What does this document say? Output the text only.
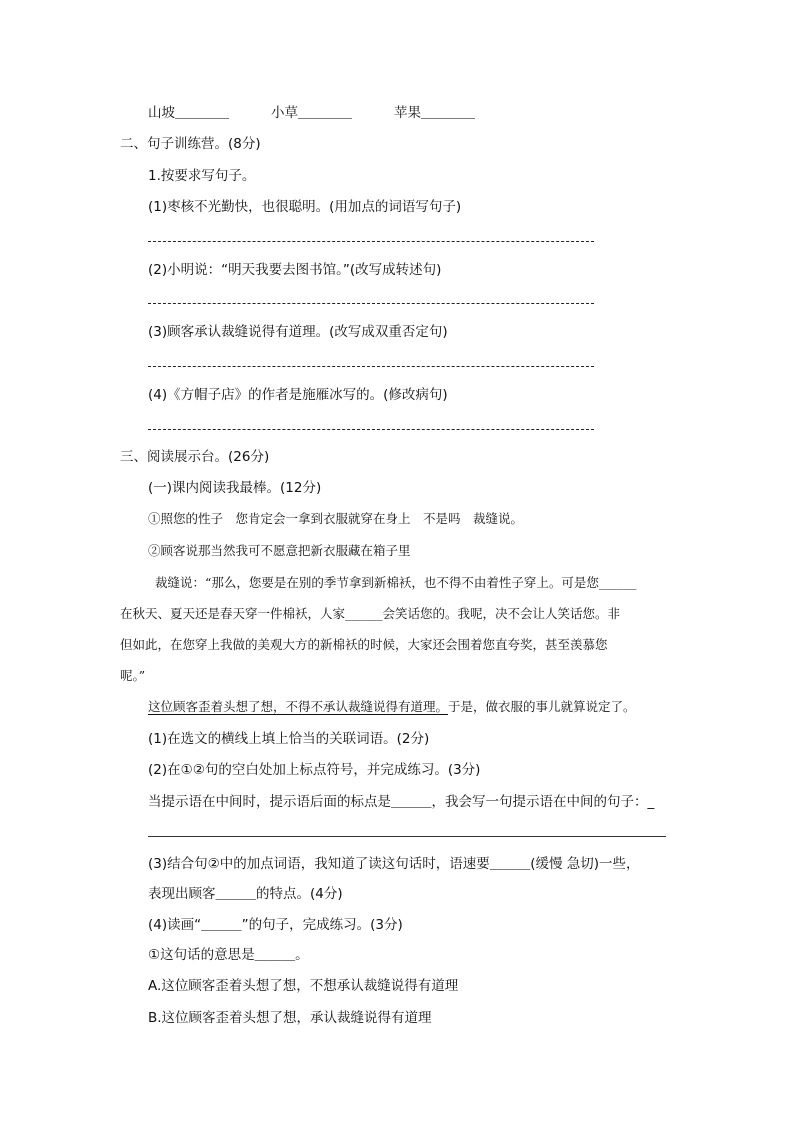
山坡＿＿＿＿	小草＿＿＿＿	苹果＿＿＿＿
二、句子训练营。(8分)
1.按要求写句子。
(1)枣核不光勤快，也很聪明。(用加点的词语写句子)
(2)小明说：“明天我要去图书馆。”(改写成转述句)
(3)顾客承认裁缝说得有道理。(改写成双重否定句)
(4)《方帽子店》的作者是施雁冰写的。(修改病句)
三、阅读展示台。(26分)
(一)课内阅读我最棒。(12分)
①照您的性子　您肯定会一拿到衣服就穿在身上　不是吗　裁缝说。
②顾客说那当然我可不愿意把新衣服藏在箱子里
裁缝说：“那么，您要是在别的季节拿到新棉袄，也不得不由着性子穿上。可是您______
在秋天、夏天还是春天穿一件棉袄，人家______会笑话您的。我呢，决不会让人笑话您。非
但如此，在您穿上我做的美观大方的新棉袄的时候，大家还会围着您直夸奖，甚至羡慕您
呢。”
这位顾客歪着头想了想，不得不承认裁缝说得有道理。于是，做衣服的事儿就算说定了。
(1)在选文的横线上填上恰当的关联词语。(2分)
(2)在①②句的空白处加上标点符号，并完成练习。(3分)
当提示语在中间时，提示语后面的标点是＿＿＿，我会写一句提示语在中间的句子：_
(3)结合句②中的加点词语，我知道了读这句话时，语速要＿＿＿(缓慢 急切)一些，
表现出顾客＿＿＿的特点。(4分)
(4)读画“＿＿＿”的句子，完成练习。(3分)
①这句话的意思是＿＿＿。
A.这位顾客歪着头想了想，不想承认裁缝说得有道理
B.这位顾客歪着头想了想，承认裁缝说得有道理
